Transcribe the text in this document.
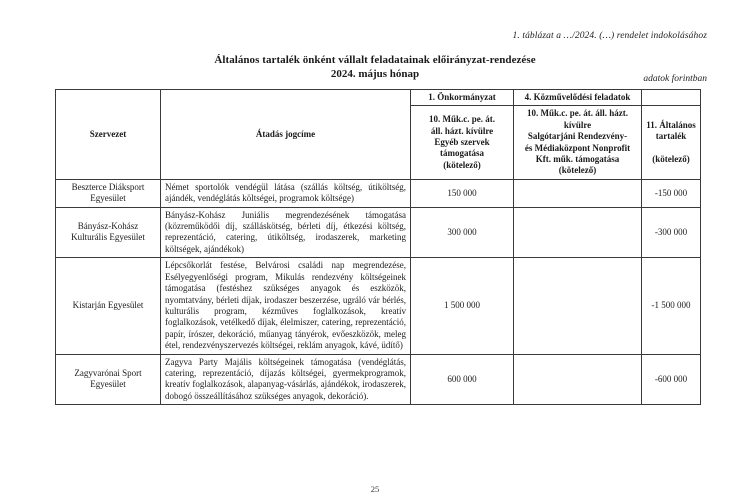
1. táblázat a …/2024. (…) rendelet indokolásához
Általános tartalék önként vállalt feladatainak előirányzat-rendezése
2024. május hónap	adatok forintban
Szervezet	Átadás jogcíme	1. Önkormányzat	4. Közművelődési feladatok	
10. Műk.c. pe. át.
áll. házt. kívülre
Egyéb szervek
támogatása
(kötelező)	10. Műk.c. pe. át. áll. házt.
kívülre
Salgótarjáni Rendezvény-
és Médiaközpont Nonprofit
Kft. műk. támogatása
(kötelező)	11. Általános
tartalék

(kötelező)
Beszterce Diáksport Egyesület	Német sportolók vendégül látása (szállás költség, útiköltség, ajándék, vendéglátás költségei, programok költsége)	150 000		-150 000
Bányász-Kohász Kulturális Egyesület	Bányász-Kohász Juniális megrendezésének támogatása (közreműködői díj, szálláskötség, bérleti díj, étkezési költség, reprezentáció, catering, útiköltség, irodaszerek, marketing költségek, ajándékok)	300 000		-300 000
Kistarján Egyesület	Lépcsőkorlát festése, Belvárosi családi nap megrendezése, Esélyegyenlőségi program, Mikulás rendezvény költségeinek támogatása (festéshez szükséges anyagok és eszközök, nyomtatvány, bérleti díjak, irodaszer beszerzése, ugráló vár bérlés, kulturális program, kézműves foglalkozások, kreatív foglalkozások, vetélkedő díjak, élelmiszer, catering, reprezentáció, papír, írószer, dekoráció, műanyag tányérok, evőeszközök, meleg étel, rendezvényszervezés költségei, reklám anyagok, kávé, üdítő)	1 500 000		-1 500 000
Zagyvarónai Sport Egyesület	Zagyva Party Majális költségeinek támogatása (vendéglátás, catering, reprezentáció, díjazás költségei, gyermekprogramok, kreatív foglalkozások, alapanyag-vásárlás, ajándékok, irodaszerek, dobogó összeállításához szükséges anyagok, dekoráció).	600 000		-600 000
25
